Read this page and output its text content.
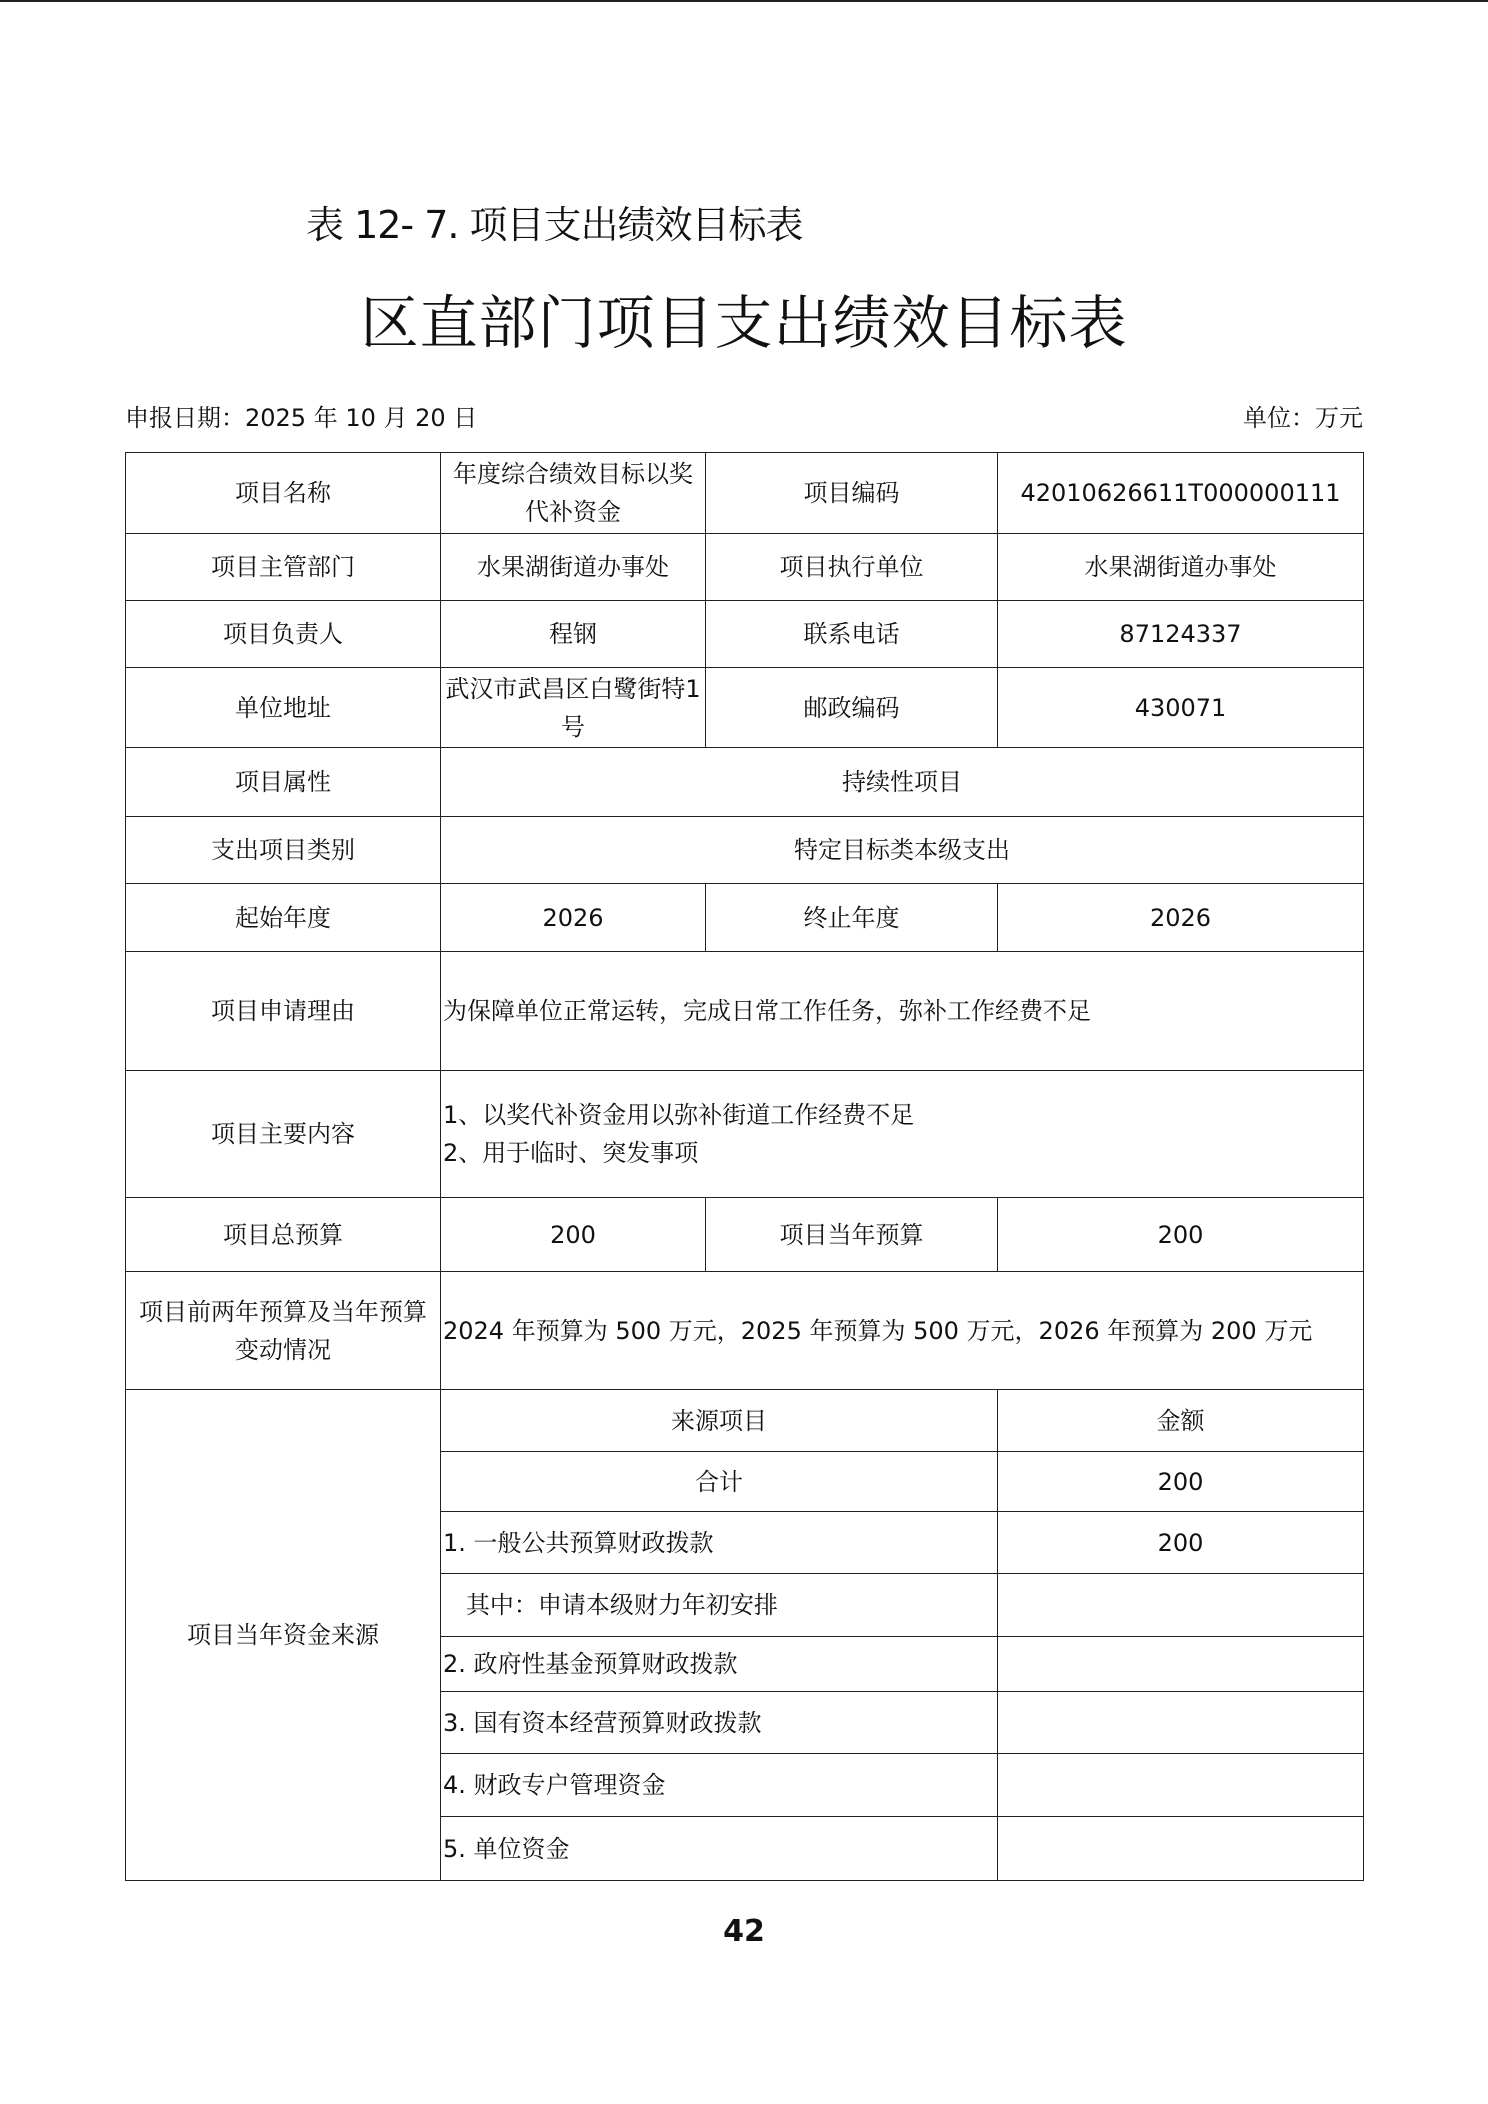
表 12- 7. 项目支出绩效目标表
区直部门项目支出绩效目标表
申报日期：2025 年 10 月 20 日	单位：万元
项目名称	年度综合绩效目标以奖代补资金	项目编码	42010626611T000000111
项目主管部门	水果湖街道办事处	项目执行单位	水果湖街道办事处
项目负责人	程钢	联系电话	87124337
单位地址	武汉市武昌区白鹭街特1号	邮政编码	430071
项目属性	持续性项目		
支出项目类别	特定目标类本级支出		
起始年度	2026	终止年度	2026
项目申请理由	为保障单位正常运转，完成日常工作任务，弥补工作经费不足		
项目主要内容	1、以奖代补资金用以弥补街道工作经费不足
2、用于临时、突发事项		

项目总预算	200	项目当年预算	200
项目前两年预算及当年预算变动情况	2024 年预算为 500 万元，2025 年预算为 500 万元，2026 年预算为 200 万元		
项目当年资金来源	来源项目		金额
	合计		200
	1. 一般公共预算财政拨款		200
	其中：申请本级财力年初安排		
	2. 政府性基金预算财政拨款		
	3. 国有资本经营预算财政拨款		
	4. 财政专户管理资金		
	5. 单位资金		
42
